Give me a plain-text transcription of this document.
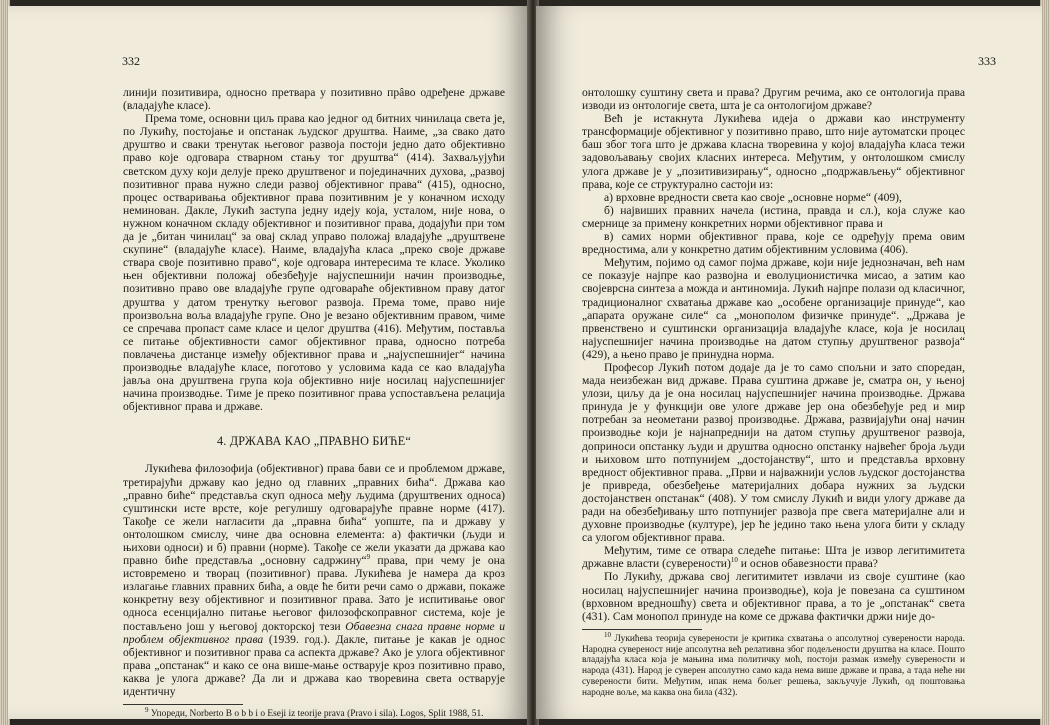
332

линији позитивира, односно претвара у позитивно прâво одређене државе (владајуће класе).

Према томе, основни циљ права као једног од битних чинилаца света је, по Лукићу, постојање и опстанак људског друштва. Наиме, „за свако дато друштво и сваки тренутак његовог развоја постоји једно дато објективно право које одговара стварном стању тог друштва“ (414). Захваљујући светском духу који делује преко друштвеног и појединачних духова, „развој позитивног права нужно следи развој објективног права“ (415), односно, процес остваривања објективног права позитивним је у коначном исходу неминован. Дакле, Лукић заступа једну идеју која, усталом, није нова, о нужном коначном складу објективног и позитивног права, додајући при том да је „битан чинилац“ за овај склад управо положај владајуће „друштвене скупине“ (владајуће класе). Наиме, владајућа класа „преко своје државе ствара своје позитивно право“, које одговара интересима те класе. Уколико њен објективни положај обезбеђује најуспешнији начин производње, позитивно право ове владајуће групе одговараће објективном праву датог друштва у датом тренутку његовог развоја. Према томе, право није произвољна воља владајуће групе. Оно је везано објективним правом, чиме се спречава пропаст саме класе и целог друштва (416). Међутим, постављa се питање објективности самог објективног права, односно потреба повлачења дистанце између објективног права и „најуспешнијег“ начина производње владајуће класе, поготово у условима када се као владајућа јавља она друштвена група која објективно није носилац најуспешнијег начина производње. Тиме је преко позитивног права успостављена релација објективног права и државе.

4. ДРЖАВА КАО „ПРАВНО БИЋЕ“

Лукићева филозофија (објективног) права бави се и проблемом државе, третирајући државу као једно од главних „правних бића“. Држава као „правно биће“ представља скуп односа међу људима (друштвених односа) суштински исте врсте, које регулишу одговарајуће правне норме (417). Такође се жели нагласити да „правна бића“ уопште, па и државу у онтолошком смислу, чине два основна елемента: а) фактички (људи и њихови односи) и б) правни (норме). Такође се жели указати да држава као правно биће представља „основну садржину“$^9$ права, при чему је она истовремено и творац (позитивног) права. Лукићева је намера да кроз излагање главних правних бића, а овде ће бити речи само о држави, покаже конкретну везу објективног и позитивног права. Зато је испитивање овог односа есенцијално питање његовог филозофскоправног система, које је постављено још у његовој докторској тези Обавезна снага правне норме и проблем објективног права (1939. год.). Дакле, питање је какав је однос објективног и позитивног права са аспекта државе? Ако је улога објективног права „опстанак“ и како се она више-мање остварује кроз позитивно право, каква је улога државе? Да ли и држава као творевина света остварује идентичну

$^9$ Упореди, Norberto B o b b i o Eseji iz teorije prava (Pravo i sila). Logos, Split 1988, 51.

333

онтолошку суштину света и права? Другим речима, ако се онтологија права изводи из онтологије света, шта је са онтологијом државе?

Већ је истакнута Лукићева идеја о држави као инструменту трансформације објективног у позитивно право, што није аутоматски процес баш због тога што је држава класна творевина у којој владајућа класа тежи задовољавању својих класних интереса. Међутим, у онтолошком смислу улога државе је у „позитивизирању“, односно „подржављењу“ објективног права, које се структурално састоји из:

а) врховне вредности света као своје „основне норме“ (409),

б) највиших правних начела (истина, правда и сл.), која служе као смернице за примену конкретних норми објективног права и

в) самих норми објективног права, које се одређују према овим вредностима, али у конкретно датим објективним условима (406).

Међутим, појимо од самог појма државе, који није једнозначан, већ нам се показује најпре као развојна и еволуционистичка мисао, а затим као својеврсна синтеза а можда и антиномија. Лукић најпре полази од класичног, традиционалног схватања државе као „особене организације принуде“, као „апарата оружане силе“ са „монополом физичке принуде“. „Држава је првенствено и суштински организација владајуће класе, која је носилац најуспешнијег начина производње на датом ступњу друштвеног развоја“ (429), а њено право је принудна норма.

Професор Лукић потом додаје да је то само спољни и зато споредан, мада неизбежан вид државе. Права суштина државе је, сматра он, у њеној улози, циљу да је она носилац најуспешнијег начина производње. Држава принуда је у функцији ове улоге државе јер она обезбеђује ред и мир потребан за неометани развој производње. Држава, развијајући онај начин производње који је најнапреднији на датом ступњу друштвеног развоја, доприноси опстанку људи и друштва односно опстанку највећег броја људи и њиховом што потпунијем „достојанству“, што и представља врховну вредност објективног права. „Први и најважнији услов људског достојанства је привреда, обезбеђење материјалних добара нужних за људски достојанствен опстанак“ (408). У том смислу Лукић и види улогу државе да ради на обезбеђивању што потпунијег развоја пре свега материјалне али и духовне производње (културе), јер ће једино тако њена улога бити у складу са улогом објективног права.

Међутим, тиме се отвара следеће питање: Шта је извор легитимитета државне власти (суверености)$^{10}$ и основ обавезности права?

По Лукићу, држава свој легитимитет извлачи из своје суштине (као носилац најуспешнијег начина производње), која је повезана са суштином (врховном вредношћу) света и објективног права, а то је „опстанак“ света (431). Сам монопол принуде на коме се држава фактички држи није до-

$^{10}$ Лукићева теорија суверености је критика схватања о апсолутној суверености народа. Народна сувереност није апсолутна већ релативна због подељености друштва на класе. Пошто владајућа класа која је мањина има политичку моћ, постоји размак између суверености и народа (431). Народ је суверен апсолутно само када нема више државе и права, а тада неће ни суверености бити. Међутим, ипак нема бољег решења, закључује Лукић, од поштовања народне воље, ма каква она била (432).
